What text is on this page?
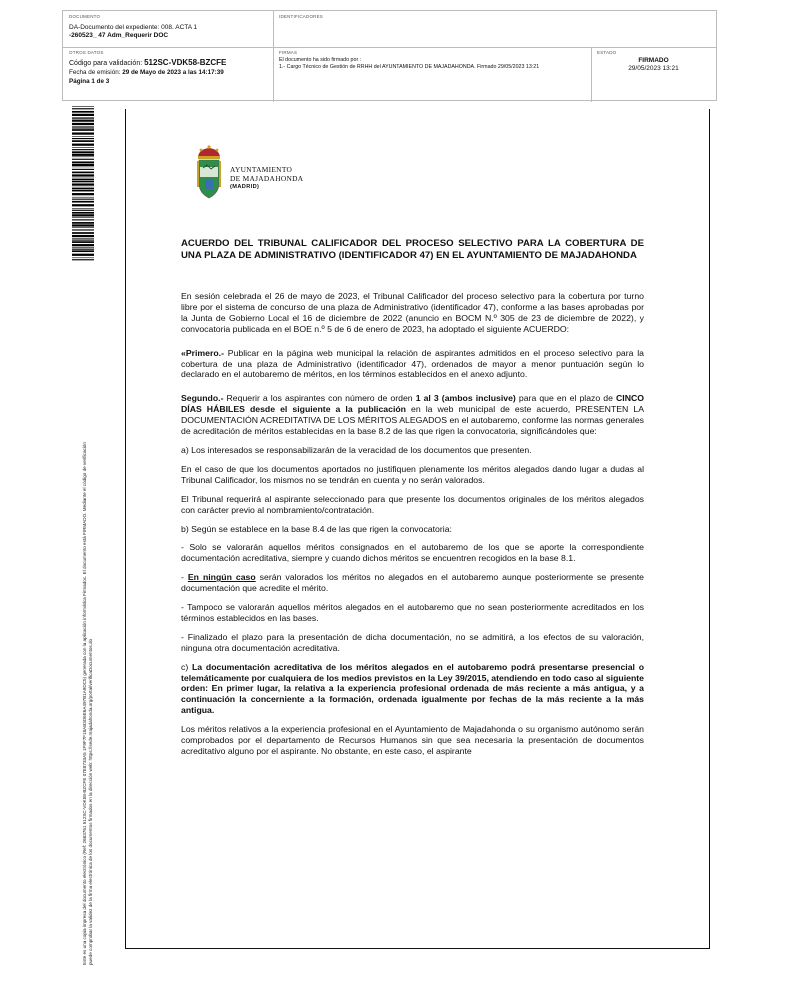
DOCUMENTO
DA-Documento del expediente: 008. ACTA 1
-260523_ 47 Adm_Requerir DOC
IDENTIFICADORES
OTROS DATOS
Código para validación: 512SC-VDK58-BZCFE
Fecha de emisión: 29 de Mayo de 2023 a las 14:17:39
Página 1 de 3
FIRMAS
El documento ha sido firmado por :
1.- Cargo Técnico de Gestión de RRHH del AYUNTAMIENTO DE MAJADAHONDA. Firmado 29/05/2023 13:21
ESTADO
FIRMADO
29/05/2023 13:21
Este es una copia impresa del documento electrónico (Ref: 2683761 512SC-VDK58-BZCFE 07E8733A5 1F9F7F18AB3D6E6A497B1A9DC5) generada con la aplicación informática Firmadoc. El documento está FIRMADO. Mediante el código de verificación puede comprobar la validez de la firma electrónica de los documentos firmados en la dirección web: https://sede.majadahonda.org/portal/verificaDocumentos.do
AYUNTAMIENTO
DE MAJADAHONDA
(MADRID)

ACUERDO DEL TRIBUNAL CALIFICADOR DEL PROCESO SELECTIVO PARA LA COBERTURA DE UNA PLAZA DE ADMINISTRATIVO (IDENTIFICADOR 47) EN EL AYUNTAMIENTO DE MAJADAHONDA

En sesión celebrada el 26 de mayo de 2023, el Tribunal Calificador del proceso selectivo para la cobertura por turno libre por el sistema de concurso de una plaza de Administrativo (identificador 47), conforme a las bases aprobadas por la Junta de Gobierno Local el 16 de diciembre de 2022 (anuncio en BOCM N.º 305 de 23 de diciembre de 2022), y convocatoria publicada en el BOE n.º 5 de 6 de enero de 2023, ha adoptado el siguiente ACUERDO:

«Primero.- Publicar en la página web municipal la relación de aspirantes admitidos en el proceso selectivo para la cobertura de una plaza de Administrativo (identificador 47), ordenados de mayor a menor puntuación según lo declarado en el autobaremo de méritos, en los términos establecidos en el anexo adjunto.

Segundo.- Requerir a los aspirantes con número de orden 1 al 3 (ambos inclusive) para que en el plazo de CINCO DÍAS HÁBILES desde el siguiente a la publicación en la web municipal de este acuerdo, PRESENTEN LA DOCUMENTACIÓN ACREDITATIVA DE LOS MÉRITOS ALEGADOS en el autobaremo, conforme las normas generales de acreditación de méritos establecidas en la base 8.2 de las que rigen la convocatoria, significándoles que:

a) Los interesados se responsabilizarán de la veracidad de los documentos que presenten.

En el caso de que los documentos aportados no justifiquen plenamente los méritos alegados dando lugar a dudas al Tribunal Calificador, los mismos no se tendrán en cuenta y no serán valorados.

El Tribunal requerirá al aspirante seleccionado para que presente los documentos originales de los méritos alegados con carácter previo al nombramiento/contratación.

b) Según se establece en la base 8.4 de las que rigen la convocatoria:

- Solo se valorarán aquellos méritos consignados en el autobaremo de los que se aporte la correspondiente documentación acreditativa, siempre y cuando dichos méritos se encuentren recogidos en la base 8.1.

- En ningún caso serán valorados los méritos no alegados en el autobaremo aunque posteriormente se presente documentación que acredite el mérito.

- Tampoco se valorarán aquellos méritos alegados en el autobaremo que no sean posteriormente acreditados en los términos establecidos en las bases.

- Finalizado el plazo para la presentación de dicha documentación, no se admitirá, a los efectos de su valoración, ninguna otra documentación acreditativa.

c) La documentación acreditativa de los méritos alegados en el autobaremo podrá presentarse presencial o telemáticamente por cualquiera de los medios previstos en la Ley 39/2015, atendiendo en todo caso al siguiente orden: En primer lugar, la relativa a la experiencia profesional ordenada de más reciente a más antigua, y a continuación la concerniente a la formación, ordenada igualmente por fechas de la más reciente a la más antigua.

Los méritos relativos a la experiencia profesional en el Ayuntamiento de Majadahonda o su organismo autónomo serán comprobados por el departamento de Recursos Humanos sin que sea necesaria la presentación de documentos acreditativo alguno por el aspirante. No obstante, en este caso, el aspirante
